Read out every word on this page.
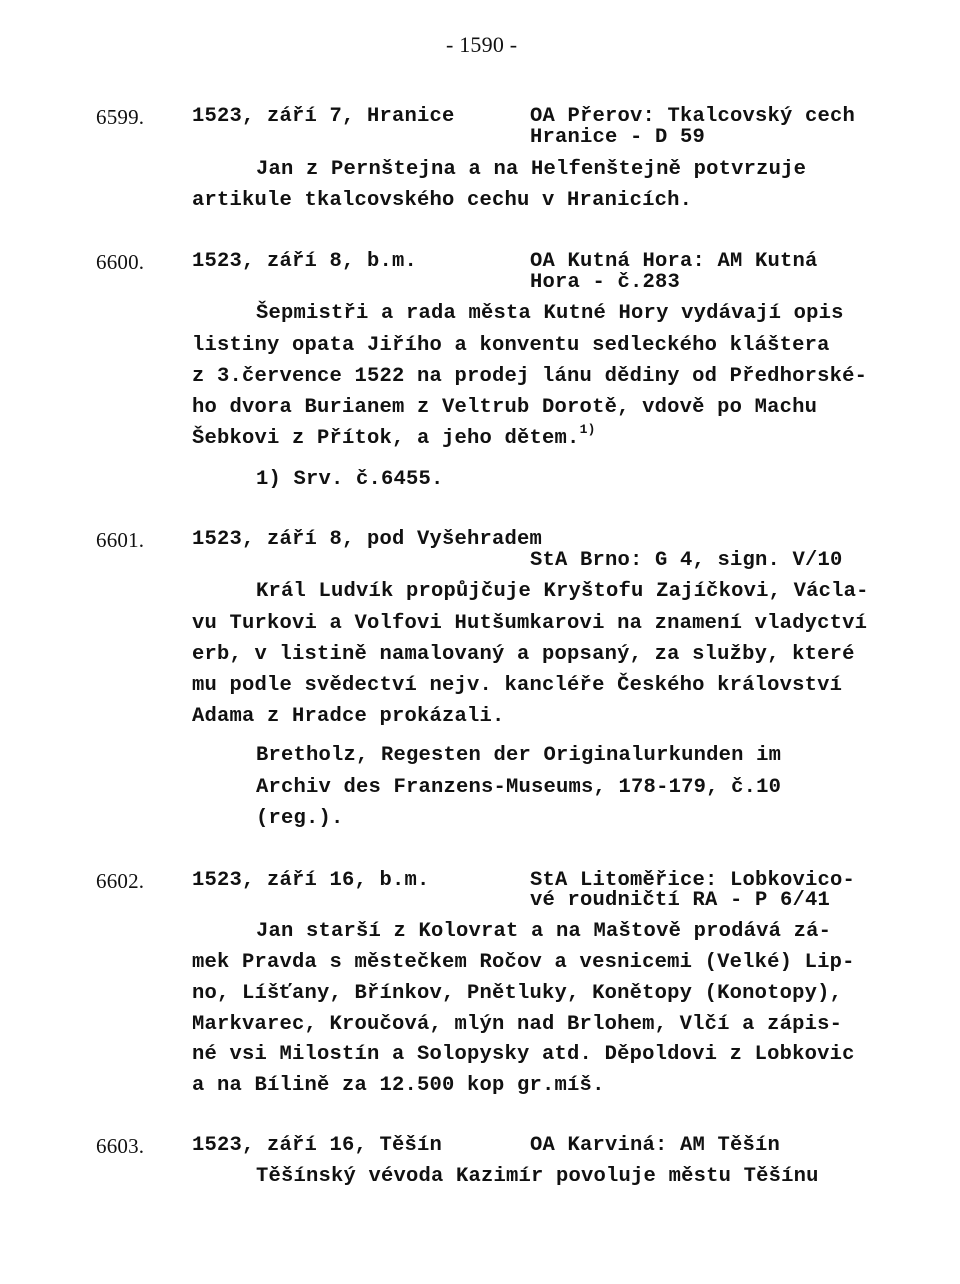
- 1590 -
6599. 1523, září 7, Hranice	OA Přerov: Tkalcovský cech
Hranice - D 59
Jan z Pernštejna a na Helfenštejně potvrzuje
artikule tkalcovského cechu v Hranicích.
6600. 1523, září 8, b.m.	OA Kutná Hora: AM Kutná
Hora - č.283
Šepmistři a rada města Kutné Hory vydávají opis
listiny opata Jiřího a konventu sedleckého kláštera
z 3.července 1522 na prodej lánu dědiny od Předhorské-
ho dvora Burianem z Veltrub Dorotě, vdově po Machu
Šebkovi z Přítok, a jeho dětem.$^{1)}$
1) Srv. č.6455.
6601. 1523, září 8, pod Vyšehradem
StA Brno: G 4, sign. V/10
Král Ludvík propůjčuje Kryštofu Zajíčkovi, Václa-
vu Turkovi a Volfovi Hutšumkarovi na znamení vladyctví
erb, v listině namalovaný a popsaný, za služby, které
mu podle svědectví nejv. kancléře Českého království
Adama z Hradce prokázali.
Bretholz, Regesten der Originalurkunden im
Archiv des Franzens-Museums, 178-179, č.10
(reg.).
6602. 1523, září 16, b.m.	StA Litoměřice: Lobkovico-
vé roudničtí RA - P 6/41
Jan starší z Kolovrat a na Maštově prodává zá-
mek Pravda s městečkem Ročov a vesnicemi (Velké) Lip-
no, Líšťany, Břínkov, Pnětluky, Konětopy (Konotopy),
Markvarec, Kroučová, mlýn nad Brlohem, Vlčí a zápis-
né vsi Milostín a Solopysky atd. Děpoldovi z Lobkovic
a na Bílině za 12.500 kop gr.míš.
6603. 1523, září 16, Těšín	OA Karviná: AM Těšín
Těšínský vévoda Kazimír povoluje městu Těšínu
